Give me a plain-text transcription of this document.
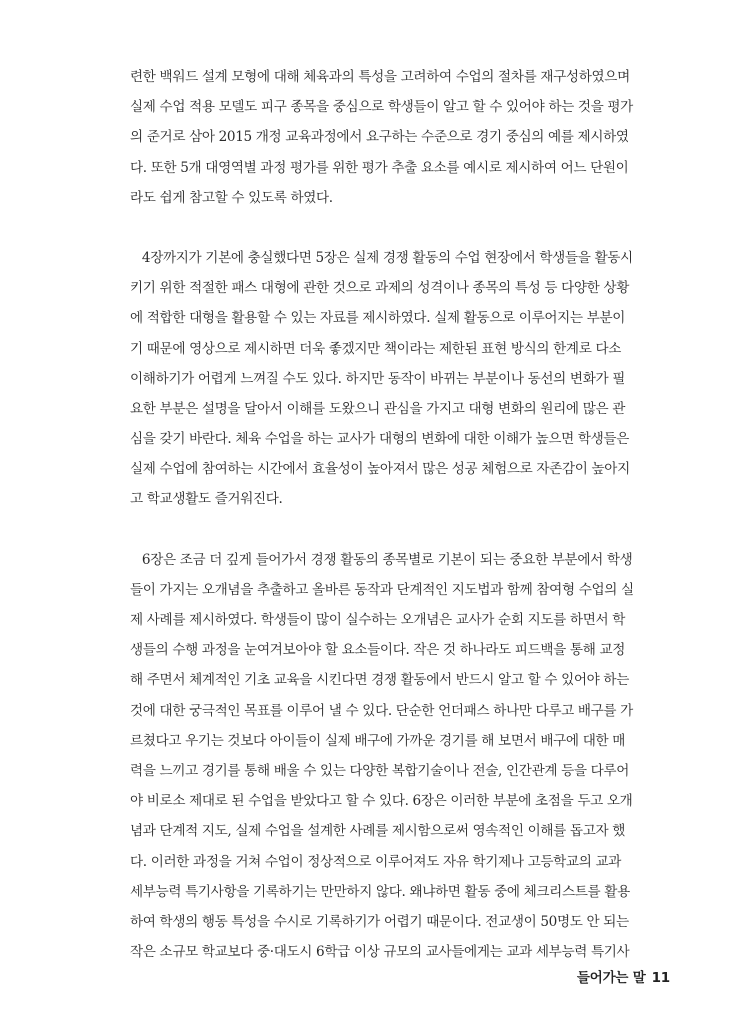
련한 백워드 설계 모형에 대해 체육과의 특성을 고려하여 수업의 절차를 재구성하였으며
실제 수업 적용 모델도 피구 종목을 중심으로 학생들이 알고 할 수 있어야 하는 것을 평가
의 준거로 삼아 2015 개정 교육과정에서 요구하는 수준으로 경기 중심의 예를 제시하였
다. 또한 5개 대영역별 과정 평가를 위한 평가 추출 요소를 예시로 제시하여 어느 단원이
라도 쉽게 참고할 수 있도록 하였다.
4장까지가 기본에 충실했다면 5장은 실제 경쟁 활동의 수업 현장에서 학생들을 활동시
키기 위한 적절한 패스 대형에 관한 것으로 과제의 성격이나 종목의 특성 등 다양한 상황
에 적합한 대형을 활용할 수 있는 자료를 제시하였다. 실제 활동으로 이루어지는 부분이
기 때문에 영상으로 제시하면 더욱 좋겠지만 책이라는 제한된 표현 방식의 한계로 다소
이해하기가 어렵게 느껴질 수도 있다. 하지만 동작이 바뀌는 부분이나 동선의 변화가 필
요한 부분은 설명을 달아서 이해를 도왔으니 관심을 가지고 대형 변화의 원리에 많은 관
심을 갖기 바란다. 체육 수업을 하는 교사가 대형의 변화에 대한 이해가 높으면 학생들은
실제 수업에 참여하는 시간에서 효율성이 높아져서 많은 성공 체험으로 자존감이 높아지
고 학교생활도 즐거워진다.
6장은 조금 더 깊게 들어가서 경쟁 활동의 종목별로 기본이 되는 중요한 부분에서 학생
들이 가지는 오개념을 추출하고 올바른 동작과 단계적인 지도법과 함께 참여형 수업의 실
제 사례를 제시하였다. 학생들이 많이 실수하는 오개념은 교사가 순회 지도를 하면서 학
생들의 수행 과정을 눈여겨보아야 할 요소들이다. 작은 것 하나라도 피드백을 통해 교정
해 주면서 체계적인 기초 교육을 시킨다면 경쟁 활동에서 반드시 알고 할 수 있어야 하는
것에 대한 궁극적인 목표를 이루어 낼 수 있다. 단순한 언더패스 하나만 다루고 배구를 가
르쳤다고 우기는 것보다 아이들이 실제 배구에 가까운 경기를 해 보면서 배구에 대한 매
력을 느끼고 경기를 통해 배울 수 있는 다양한 복합기술이나 전술, 인간관계 등을 다루어
야 비로소 제대로 된 수업을 받았다고 할 수 있다. 6장은 이러한 부분에 초점을 두고 오개
념과 단계적 지도, 실제 수업을 설계한 사례를 제시함으로써 영속적인 이해를 돕고자 했
다. 이러한 과정을 거쳐 수업이 정상적으로 이루어져도 자유 학기제나 고등학교의 교과
세부능력 특기사항을 기록하기는 만만하지 않다. 왜냐하면 활동 중에 체크리스트를 활용
하여 학생의 행동 특성을 수시로 기록하기가 어렵기 때문이다. 전교생이 50명도 안 되는
작은 소규모 학교보다 중·대도시 6학급 이상 규모의 교사들에게는 교과 세부능력 특기사
들어가는 말 11
